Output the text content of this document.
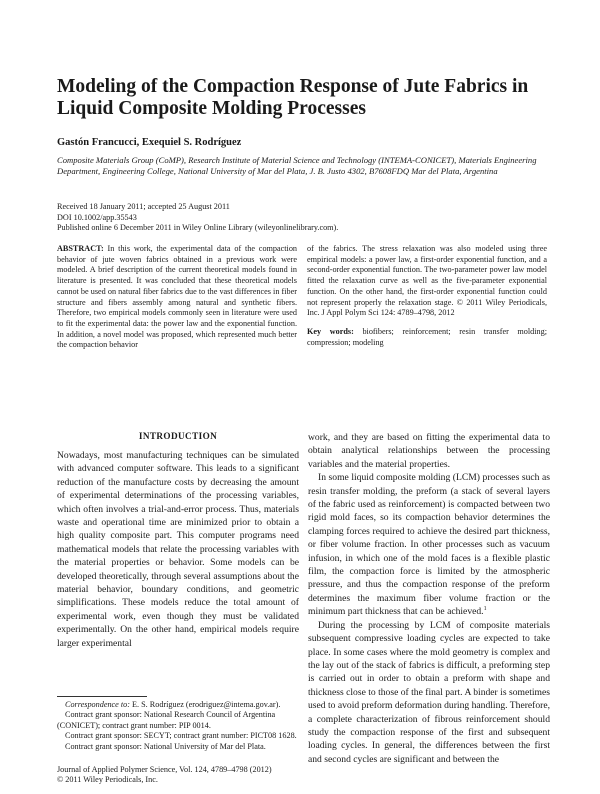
Modeling of the Compaction Response of Jute Fabrics in Liquid Composite Molding Processes
Gastón Francucci, Exequiel S. Rodríguez
Composite Materials Group (CoMP), Research Institute of Material Science and Technology (INTEMA-CONICET), Materials Engineering Department, Engineering College, National University of Mar del Plata, J. B. Justo 4302, B7608FDQ Mar del Plata, Argentina
Received 18 January 2011; accepted 25 August 2011
DOI 10.1002/app.35543
Published online 6 December 2011 in Wiley Online Library (wileyonlinelibrary.com).
ABSTRACT: In this work, the experimental data of the compaction behavior of jute woven fabrics obtained in a previous work were modeled. A brief description of the current theoretical models found in literature is presented. It was concluded that these theoretical models cannot be used on natural fiber fabrics due to the vast differences in fiber structure and fibers assembly among natural and synthetic fibers. Therefore, two empirical models commonly seen in literature were used to fit the experimental data: the power law and the exponential function. In addition, a novel model was proposed, which represented much better the compaction behavior
of the fabrics. The stress relaxation was also modeled using three empirical models: a power law, a first-order exponential function, and a second-order exponential function. The two-parameter power law model fitted the relaxation curve as well as the five-parameter exponential function. On the other hand, the first-order exponential function could not represent properly the relaxation stage. © 2011 Wiley Periodicals, Inc. J Appl Polym Sci 124: 4789–4798, 2012
Key words: biofibers; reinforcement; resin transfer molding; compression; modeling
INTRODUCTION

Nowadays, most manufacturing techniques can be simulated with advanced computer software. This leads to a significant reduction of the manufacture costs by decreasing the amount of experimental determinations of the processing variables, which often involves a trial-and-error process. Thus, materials waste and operational time are minimized prior to obtain a high quality composite part. This computer programs need mathematical models that relate the processing variables with the material properties or behavior. Some models can be developed theoretically, through several assumptions about the material behavior, boundary conditions, and geometric simplifications. These models reduce the total amount of experimental work, even though they must be validated experimentally. On the other hand, empirical models require larger experimental

work, and they are based on fitting the experimental data to obtain analytical relationships between the processing variables and the material properties.

In some liquid composite molding (LCM) processes such as resin transfer molding, the preform (a stack of several layers of the fabric used as reinforcement) is compacted between two rigid mold faces, so its compaction behavior determines the clamping forces required to achieve the desired part thickness, or fiber volume fraction. In other processes such as vacuum infusion, in which one of the mold faces is a flexible plastic film, the compaction force is limited by the atmospheric pressure, and thus the compaction response of the preform determines the maximum fiber volume fraction or the minimum part thickness that can be achieved.$^1$

During the processing by LCM of composite materials subsequent compressive loading cycles are expected to take place. In some cases where the mold geometry is complex and the lay out of the stack of fabrics is difficult, a preforming step is carried out in order to obtain a preform with shape and thickness close to those of the final part. A binder is sometimes used to avoid preform deformation during handling. Therefore, a complete characterization of fibrous reinforcement should study the compaction response of the first and subsequent loading cycles. In general, the differences between the first and second cycles are significant and between the

Correspondence to: E. S. Rodríguez (erodriguez@intema.gov.ar).

Contract grant sponsor: National Research Council of Argentina (CONICET); contract grant number: PIP 0014.

Contract grant sponsor: SECYT; contract grant number: PICT08 1628.

Contract grant sponsor: National University of Mar del Plata.

Journal of Applied Polymer Science, Vol. 124, 4789–4798 (2012)

© 2011 Wiley Periodicals, Inc.
